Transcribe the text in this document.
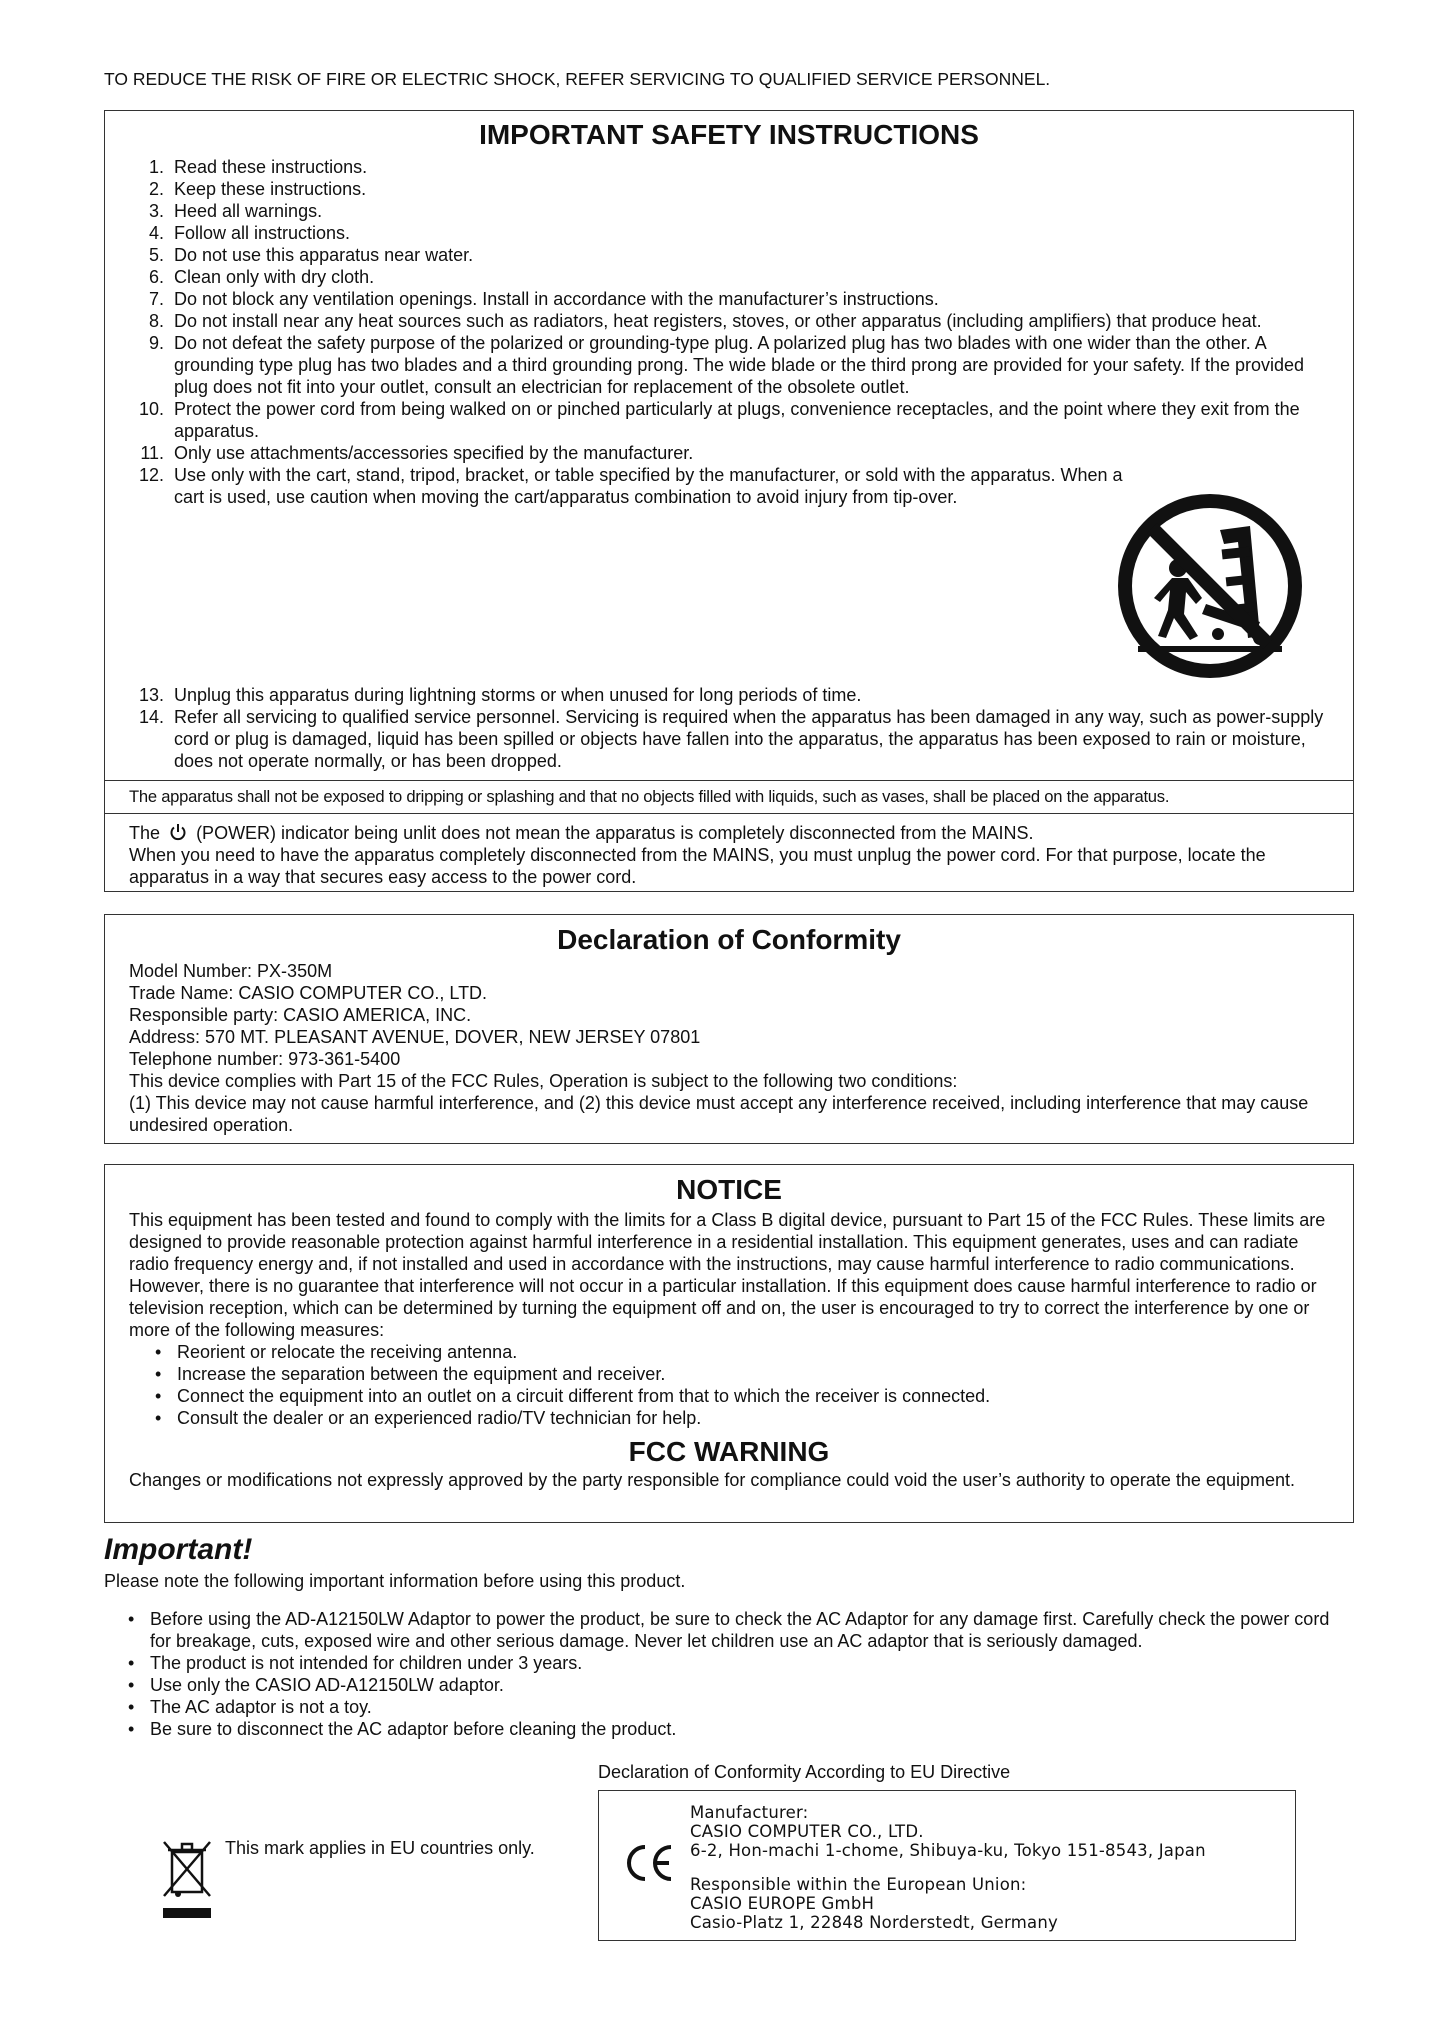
TO REDUCE THE RISK OF FIRE OR ELECTRIC SHOCK, REFER SERVICING TO QUALIFIED SERVICE PERSONNEL.
IMPORTANT SAFETY INSTRUCTIONS
1. Read these instructions.
2. Keep these instructions.
3. Heed all warnings.
4. Follow all instructions.
5. Do not use this apparatus near water.
6. Clean only with dry cloth.
7. Do not block any ventilation openings. Install in accordance with the manufacturer’s instructions.
8. Do not install near any heat sources such as radiators, heat registers, stoves, or other apparatus (including amplifiers) that produce heat.
9. Do not defeat the safety purpose of the polarized or grounding-type plug. A polarized plug has two blades with one wider than the other. A grounding type plug has two blades and a third grounding prong. The wide blade or the third prong are provided for your safety. If the provided plug does not fit into your outlet, consult an electrician for replacement of the obsolete outlet.
10. Protect the power cord from being walked on or pinched particularly at plugs, convenience receptacles, and the point where they exit from the apparatus.
11. Only use attachments/accessories specified by the manufacturer.
12. Use only with the cart, stand, tripod, bracket, or table specified by the manufacturer, or sold with the apparatus. When a cart is used, use caution when moving the cart/apparatus combination to avoid injury from tip-over.
13. Unplug this apparatus during lightning storms or when unused for long periods of time.
14. Refer all servicing to qualified service personnel. Servicing is required when the apparatus has been damaged in any way, such as power-supply cord or plug is damaged, liquid has been spilled or objects have fallen into the apparatus, the apparatus has been exposed to rain or moisture, does not operate normally, or has been dropped.
The apparatus shall not be exposed to dripping or splashing and that no objects filled with liquids, such as vases, shall be placed on the apparatus.
The (POWER) indicator being unlit does not mean the apparatus is completely disconnected from the MAINS.
When you need to have the apparatus completely disconnected from the MAINS, you must unplug the power cord. For that purpose, locate the apparatus in a way that secures easy access to the power cord.
Declaration of Conformity
Model Number: PX-350M
Trade Name: CASIO COMPUTER CO., LTD.
Responsible party: CASIO AMERICA, INC.
Address: 570 MT. PLEASANT AVENUE, DOVER, NEW JERSEY 07801
Telephone number: 973-361-5400
This device complies with Part 15 of the FCC Rules, Operation is subject to the following two conditions:
(1) This device may not cause harmful interference, and (2) this device must accept any interference received, including interference that may cause undesired operation.
NOTICE
This equipment has been tested and found to comply with the limits for a Class B digital device, pursuant to Part 15 of the FCC Rules. These limits are designed to provide reasonable protection against harmful interference in a residential installation. This equipment generates, uses and can radiate radio frequency energy and, if not installed and used in accordance with the instructions, may cause harmful interference to radio communications. However, there is no guarantee that interference will not occur in a particular installation. If this equipment does cause harmful interference to radio or television reception, which can be determined by turning the equipment off and on, the user is encouraged to try to correct the interference by one or more of the following measures:
• Reorient or relocate the receiving antenna.
• Increase the separation between the equipment and receiver.
• Connect the equipment into an outlet on a circuit different from that to which the receiver is connected.
• Consult the dealer or an experienced radio/TV technician for help.
FCC WARNING
Changes or modifications not expressly approved by the party responsible for compliance could void the user’s authority to operate the equipment.
Important!
Please note the following important information before using this product.
• Before using the AD-A12150LW Adaptor to power the product, be sure to check the AC Adaptor for any damage first. Carefully check the power cord for breakage, cuts, exposed wire and other serious damage. Never let children use an AC adaptor that is seriously damaged.
• The product is not intended for children under 3 years.
• Use only the CASIO AD-A12150LW adaptor.
• The AC adaptor is not a toy.
• Be sure to disconnect the AC adaptor before cleaning the product.
Declaration of Conformity According to EU Directive
This mark applies in EU countries only.
Manufacturer:
CASIO COMPUTER CO., LTD.
6-2, Hon-machi 1-chome, Shibuya-ku, Tokyo 151-8543, Japan
Responsible within the European Union:
CASIO EUROPE GmbH
Casio-Platz 1, 22848 Norderstedt, Germany
